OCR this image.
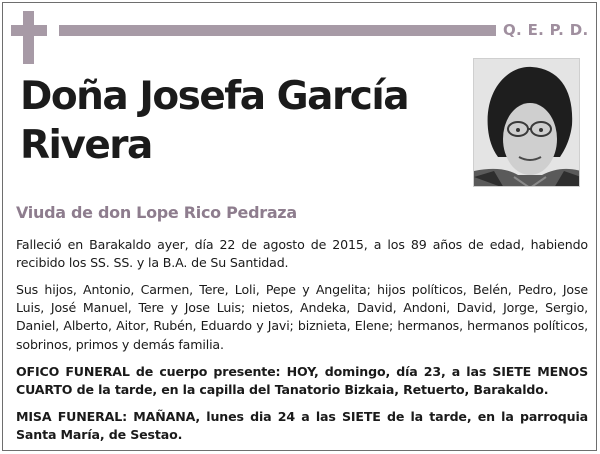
Q. E. P. D.
Doña Josefa García Rivera
Viuda de don Lope Rico Pedraza

Falleció en Barakaldo ayer, día 22 de agosto de 2015, a los 89 años de edad, habiendo recibido los SS. SS. y la B.A. de Su Santidad.

Sus hijos, Antonio, Carmen, Tere, Loli, Pepe y Angelita; hijos políticos, Belén, Pedro, Jose Luis, José Manuel, Tere y Jose Luis; nietos, Andeka, David, Andoni, David, Jorge, Sergio, Daniel, Alberto, Aitor, Rubén, Eduardo y Javi; biznieta, Elene; hermanos, hermanos políticos, sobrinos, primos y demás familia.

OFICO FUNERAL de cuerpo presente: HOY, domingo, día 23, a las SIETE MENOS CUARTO de la tarde, en la capilla del Tanatorio Bizkaia, Retuerto, Barakaldo.

MISA FUNERAL: MAÑANA, lunes dia 24 a las SIETE de la tarde, en la parroquia Santa María, de Sestao.
